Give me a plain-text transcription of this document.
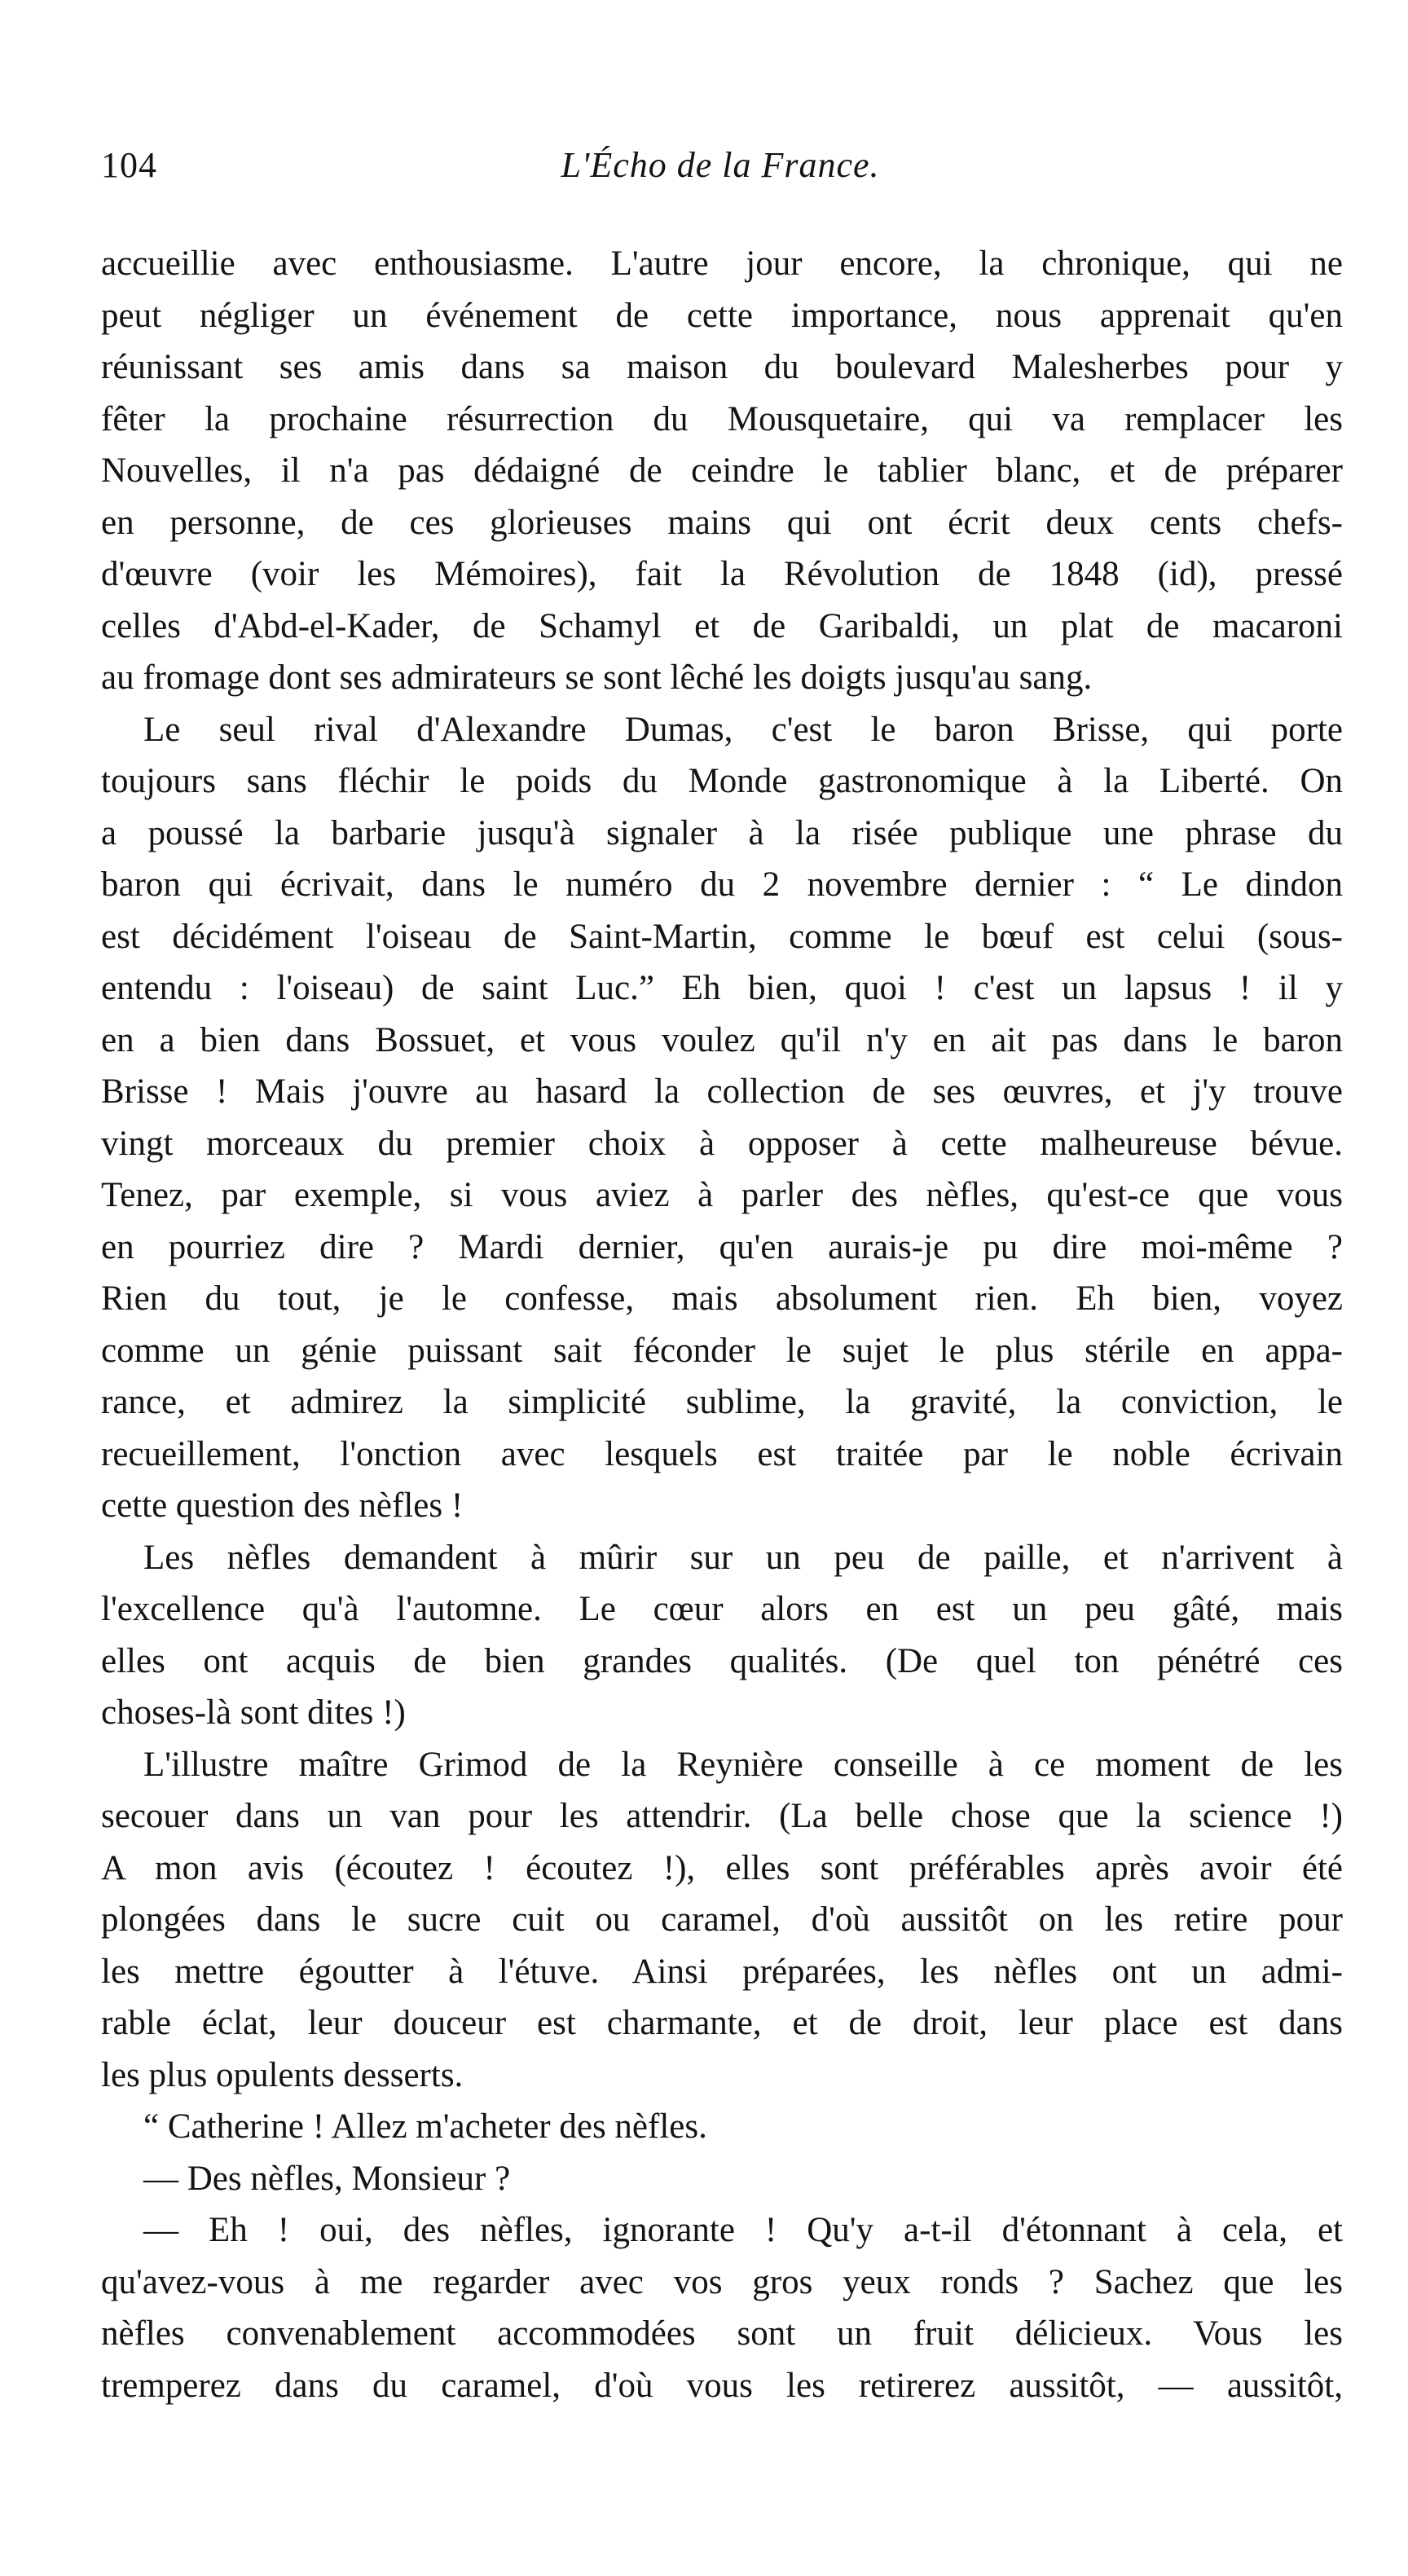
104	L'Écho de la France.
accueillie avec enthousiasme. L'autre jour encore, la chronique, qui ne
peut négliger un événement de cette importance, nous apprenait qu'en
réunissant ses amis dans sa maison du boulevard Malesherbes pour y
fêter la prochaine résurrection du Mousquetaire, qui va remplacer les
Nouvelles, il n'a pas dédaigné de ceindre le tablier blanc, et de préparer
en personne, de ces glorieuses mains qui ont écrit deux cents chefs-
d'œuvre (voir les Mémoires), fait la Révolution de 1848 (id), pressé
celles d'Abd-el-Kader, de Schamyl et de Garibaldi, un plat de macaroni
au fromage dont ses admirateurs se sont lêché les doigts jusqu'au sang.
Le seul rival d'Alexandre Dumas, c'est le baron Brisse, qui porte
toujours sans fléchir le poids du Monde gastronomique à la Liberté. On
a poussé la barbarie jusqu'à signaler à la risée publique une phrase du
baron qui écrivait, dans le numéro du 2 novembre dernier : “ Le dindon
est décidément l'oiseau de Saint-Martin, comme le bœuf est celui (sous-
entendu : l'oiseau) de saint Luc.” Eh bien, quoi ! c'est un lapsus ! il y
en a bien dans Bossuet, et vous voulez qu'il n'y en ait pas dans le baron
Brisse ! Mais j'ouvre au hasard la collection de ses œuvres, et j'y trouve
vingt morceaux du premier choix à opposer à cette malheureuse bévue.
Tenez, par exemple, si vous aviez à parler des nèfles, qu'est-ce que vous
en pourriez dire ? Mardi dernier, qu'en aurais-je pu dire moi-même ?
Rien du tout, je le confesse, mais absolument rien. Eh bien, voyez
comme un génie puissant sait féconder le sujet le plus stérile en appa-
rance, et admirez la simplicité sublime, la gravité, la conviction, le
recueillement, l'onction avec lesquels est traitée par le noble écrivain
cette question des nèfles !
Les nèfles demandent à mûrir sur un peu de paille, et n'arrivent à
l'excellence qu'à l'automne. Le cœur alors en est un peu gâté, mais
elles ont acquis de bien grandes qualités. (De quel ton pénétré ces
choses-là sont dites !)
L'illustre maître Grimod de la Reynière conseille à ce moment de les
secouer dans un van pour les attendrir. (La belle chose que la science !)
A mon avis (écoutez ! écoutez !), elles sont préférables après avoir été
plongées dans le sucre cuit ou caramel, d'où aussitôt on les retire pour
les mettre égoutter à l'étuve. Ainsi préparées, les nèfles ont un admi-
rable éclat, leur douceur est charmante, et de droit, leur place est dans
les plus opulents desserts.
“ Catherine ! Allez m'acheter des nèfles.
— Des nèfles, Monsieur ?
— Eh ! oui, des nèfles, ignorante ! Qu'y a-t-il d'étonnant à cela, et
qu'avez-vous à me regarder avec vos gros yeux ronds ? Sachez que les
nèfles convenablement accommodées sont un fruit délicieux. Vous les
tremperez dans du caramel, d'où vous les retirerez aussitôt, — aussitôt,
